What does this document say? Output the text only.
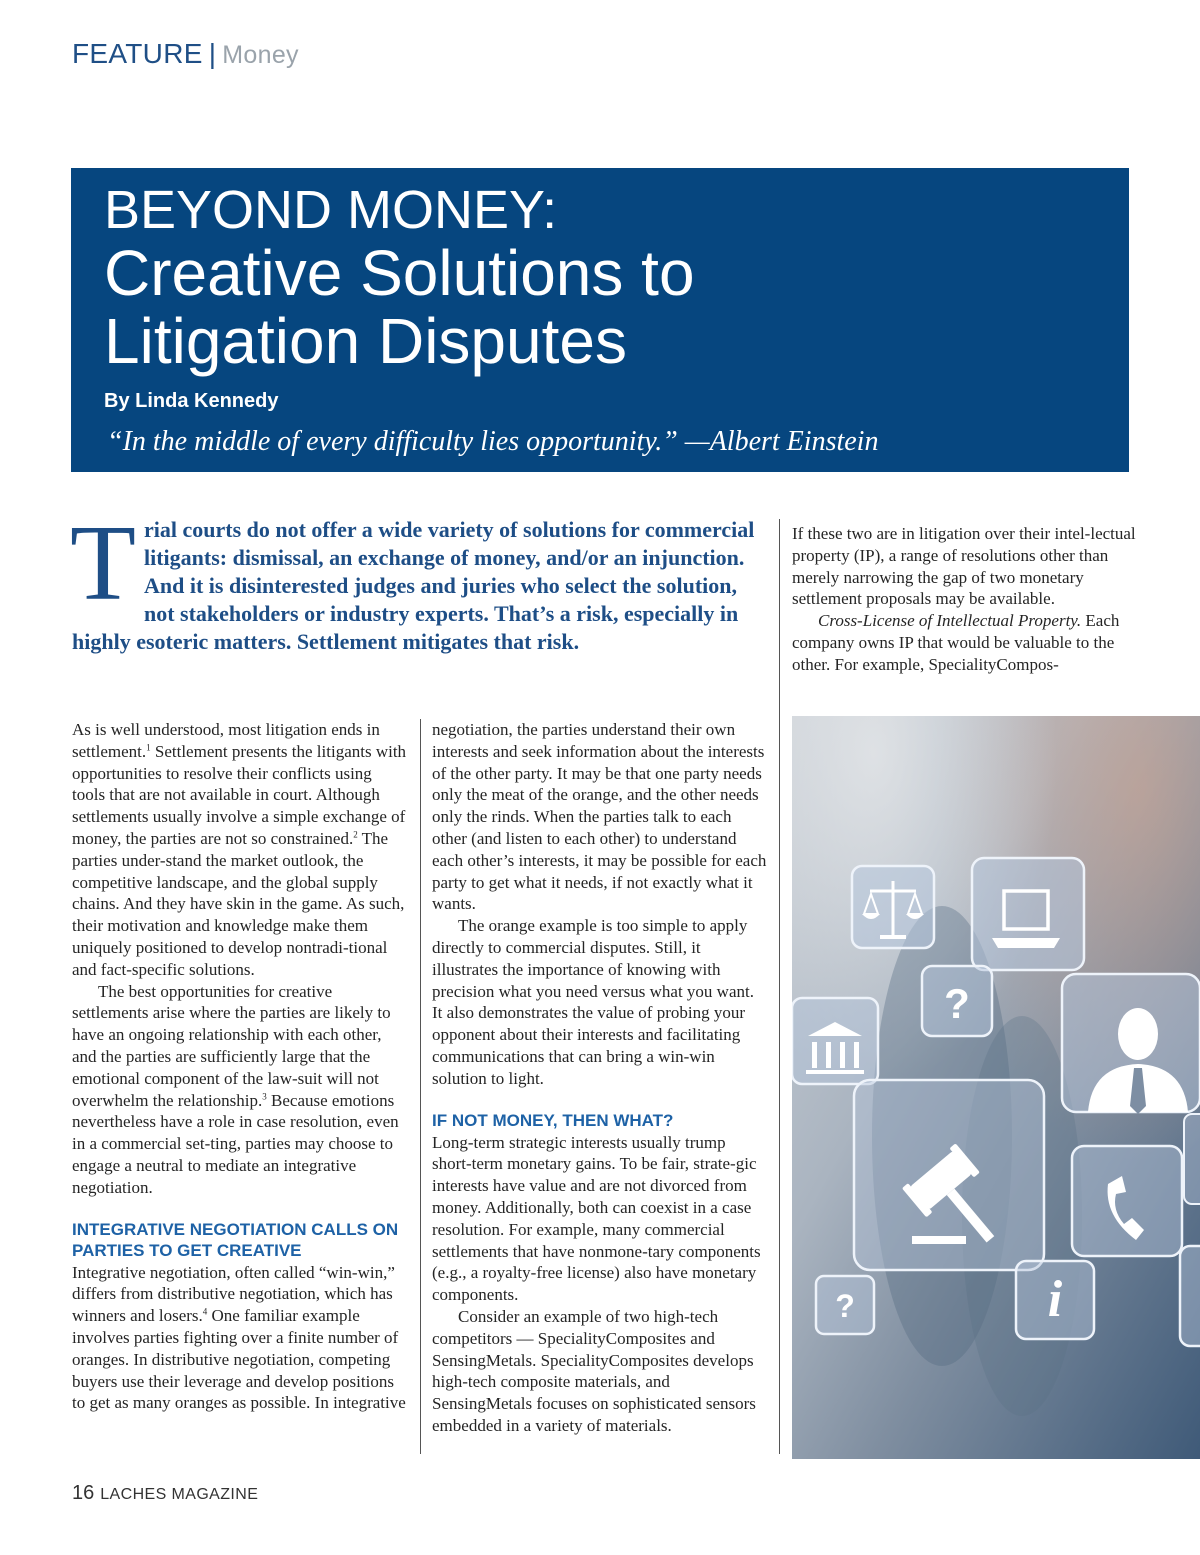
FEATURE | Money
BEYOND MONEY:
Creative Solutions to
Litigation Disputes
By Linda Kennedy
“In the middle of every difficulty lies opportunity.” —Albert Einstein
Trial courts do not offer a wide variety of solutions for commercial litigants: dismissal, an exchange of money, and/or an injunction. And it is disinterested judges and juries who select the solution, not stakeholders or industry experts. That’s a risk, especially in highly esoteric matters. Settlement mitigates that risk.

As is well understood, most litigation ends in settlement.$^1$ Settlement presents the litigants with opportunities to resolve their conflicts using tools that are not available in court. Although settlements usually involve a simple exchange of money, the parties are not so constrained.$^2$ The parties under-stand the market outlook, the competitive landscape, and the global supply chains. And they have skin in the game. As such, their motivation and knowledge make them uniquely positioned to develop nontradi-tional and fact-specific solutions.

The best opportunities for creative settlements arise where the parties are likely to have an ongoing relationship with each other, and the parties are sufficiently large that the emotional component of the law-suit will not overwhelm the relationship.$^3$ Because emotions nevertheless have a role in case resolution, even in a commercial set-ting, parties may choose to engage a neutral to mediate an integrative negotiation.

INTEGRATIVE NEGOTIATION CALLS ON PARTIES TO GET CREATIVE

Integrative negotiation, often called “win-win,” differs from distributive negotiation, which has winners and losers.$^4$ One familiar example involves parties fighting over a finite number of oranges. In distributive negotiation, competing buyers use their leverage and develop positions to get as many oranges as possible. In integrative

negotiation, the parties understand their own interests and seek information about the interests of the other party. It may be that one party needs only the meat of the orange, and the other needs only the rinds. When the parties talk to each other (and listen to each other) to understand each other’s interests, it may be possible for each party to get what it needs, if not exactly what it wants.

The orange example is too simple to apply directly to commercial disputes. Still, it illustrates the importance of knowing with precision what you need versus what you want. It also demonstrates the value of probing your opponent about their interests and facilitating communications that can bring a win-win solution to light.

IF NOT MONEY, THEN WHAT?

Long-term strategic interests usually trump short-term monetary gains. To be fair, strate-gic interests have value and are not divorced from money. Additionally, both can coexist in a case resolution. For example, many commercial settlements that have nonmone-tary components (e.g., a royalty-free license) also have monetary components.

Consider an example of two high-tech competitors — SpecialityComposites and SensingMetals. SpecialityComposites develops high-tech composite materials, and SensingMetals focuses on sophisticated sensors embedded in a variety of materials.

If these two are in litigation over their intel-lectual property (IP), a range of resolutions other than merely narrowing the gap of two monetary settlement proposals may be available.

Cross-License of Intellectual Property. Each company owns IP that would be valuable to the other. For example, SpecialityCompos-

?
?	i
16 LACHES MAGAZINE
